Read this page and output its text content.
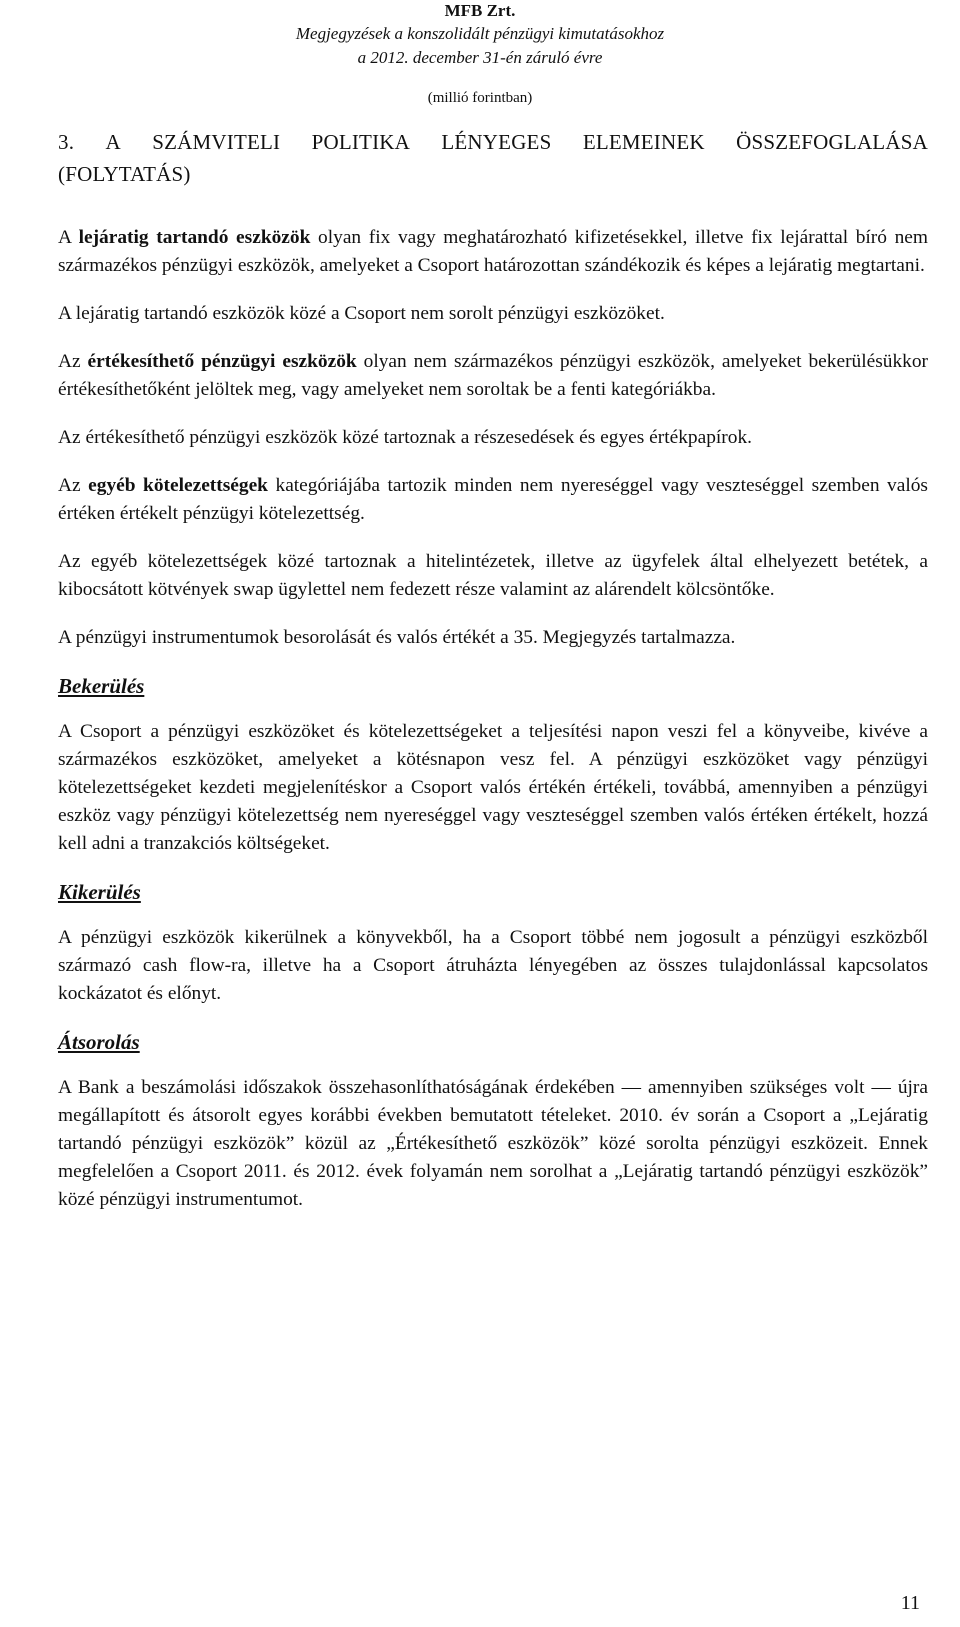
MFB Zrt.
Megjegyzések a konszolidált pénzügyi kimutatásokhoz
a 2012. december 31-én záruló évre
(millió forintban)
3. A SZÁMVITELI POLITIKA LÉNYEGES ELEMEINEK ÖSSZEFOGLALÁSA
(FOLYTATÁS)

A lejáratig tartandó eszközök olyan fix vagy meghatározható kifizetésekkel, illetve fix lejárattal bíró nem származékos pénzügyi eszközök, amelyeket a Csoport határozottan szándékozik és képes a lejáratig megtartani.

A lejáratig tartandó eszközök közé a Csoport nem sorolt pénzügyi eszközöket.

Az értékesíthető pénzügyi eszközök olyan nem származékos pénzügyi eszközök, amelyeket bekerülésükkor értékesíthetőként jelöltek meg, vagy amelyeket nem soroltak be a fenti kategóriákba.

Az értékesíthető pénzügyi eszközök közé tartoznak a részesedések és egyes értékpapírok.

Az egyéb kötelezettségek kategóriájába tartozik minden nem nyereséggel vagy veszteséggel szemben valós értéken értékelt pénzügyi kötelezettség.

Az egyéb kötelezettségek közé tartoznak a hitelintézetek, illetve az ügyfelek által elhelyezett betétek, a kibocsátott kötvények swap ügylettel nem fedezett része valamint az alárendelt kölcsöntőke.

A pénzügyi instrumentumok besorolását és valós értékét a 35. Megjegyzés tartalmazza.

Bekerülés

A Csoport a pénzügyi eszközöket és kötelezettségeket a teljesítési napon veszi fel a könyveibe, kivéve a származékos eszközöket, amelyeket a kötésnapon vesz fel. A pénzügyi eszközöket vagy pénzügyi kötelezettségeket kezdeti megjelenítéskor a Csoport valós értékén értékeli, továbbá, amennyiben a pénzügyi eszköz vagy pénzügyi kötelezettség nem nyereséggel vagy veszteséggel szemben valós értéken értékelt, hozzá kell adni a tranzakciós költségeket.

Kikerülés

A pénzügyi eszközök kikerülnek a könyvekből, ha a Csoport többé nem jogosult a pénzügyi eszközből származó cash flow-ra, illetve ha a Csoport átruházta lényegében az összes tulajdonlással kapcsolatos kockázatot és előnyt.

Átsorolás

A Bank a beszámolási időszakok összehasonlíthatóságának érdekében ― amennyiben szükséges volt ― újra megállapított és átsorolt egyes korábbi években bemutatott tételeket. 2010. év során a Csoport a „Lejáratig tartandó pénzügyi eszközök” közül az „Értékesíthető eszközök” közé sorolta pénzügyi eszközeit. Ennek megfelelően a Csoport 2011. és 2012. évek folyamán nem sorolhat a „Lejáratig tartandó pénzügyi eszközök” közé pénzügyi instrumentumot.

11
